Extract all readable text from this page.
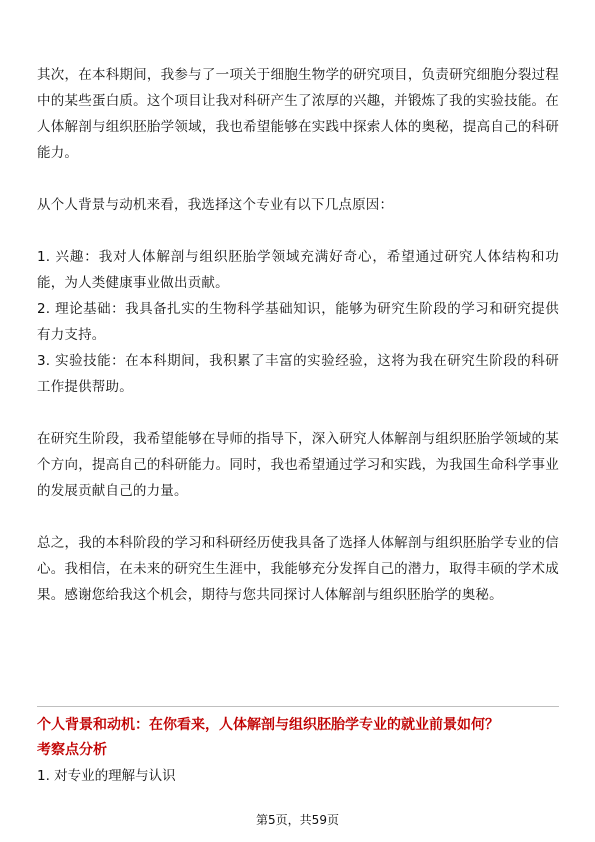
其次，在本科期间，我参与了一项关于细胞生物学的研究项目，负责研究细胞分裂过程中的某些蛋白质。这个项目让我对科研产生了浓厚的兴趣，并锻炼了我的实验技能。在人体解剖与组织胚胎学领域，我也希望能够在实践中探索人体的奥秘，提高自己的科研能力。

从个人背景与动机来看，我选择这个专业有以下几点原因：

1. 兴趣：我对人体解剖与组织胚胎学领域充满好奇心，希望通过研究人体结构和功能，为人类健康事业做出贡献。

2. 理论基础：我具备扎实的生物科学基础知识，能够为研究生阶段的学习和研究提供有力支持。

3. 实验技能：在本科期间，我积累了丰富的实验经验，这将为我在研究生阶段的科研工作提供帮助。

在研究生阶段，我希望能够在导师的指导下，深入研究人体解剖与组织胚胎学领域的某个方向，提高自己的科研能力。同时，我也希望通过学习和实践，为我国生命科学事业的发展贡献自己的力量。

总之，我的本科阶段的学习和科研经历使我具备了选择人体解剖与组织胚胎学专业的信心。我相信，在未来的研究生生涯中，我能够充分发挥自己的潜力，取得丰硕的学术成果。感谢您给我这个机会，期待与您共同探讨人体解剖与组织胚胎学的奥秘。

个人背景和动机：在你看来，人体解剖与组织胚胎学专业的就业前景如何？
考察点分析
1. 对专业的理解与认识
第5页，共59页
